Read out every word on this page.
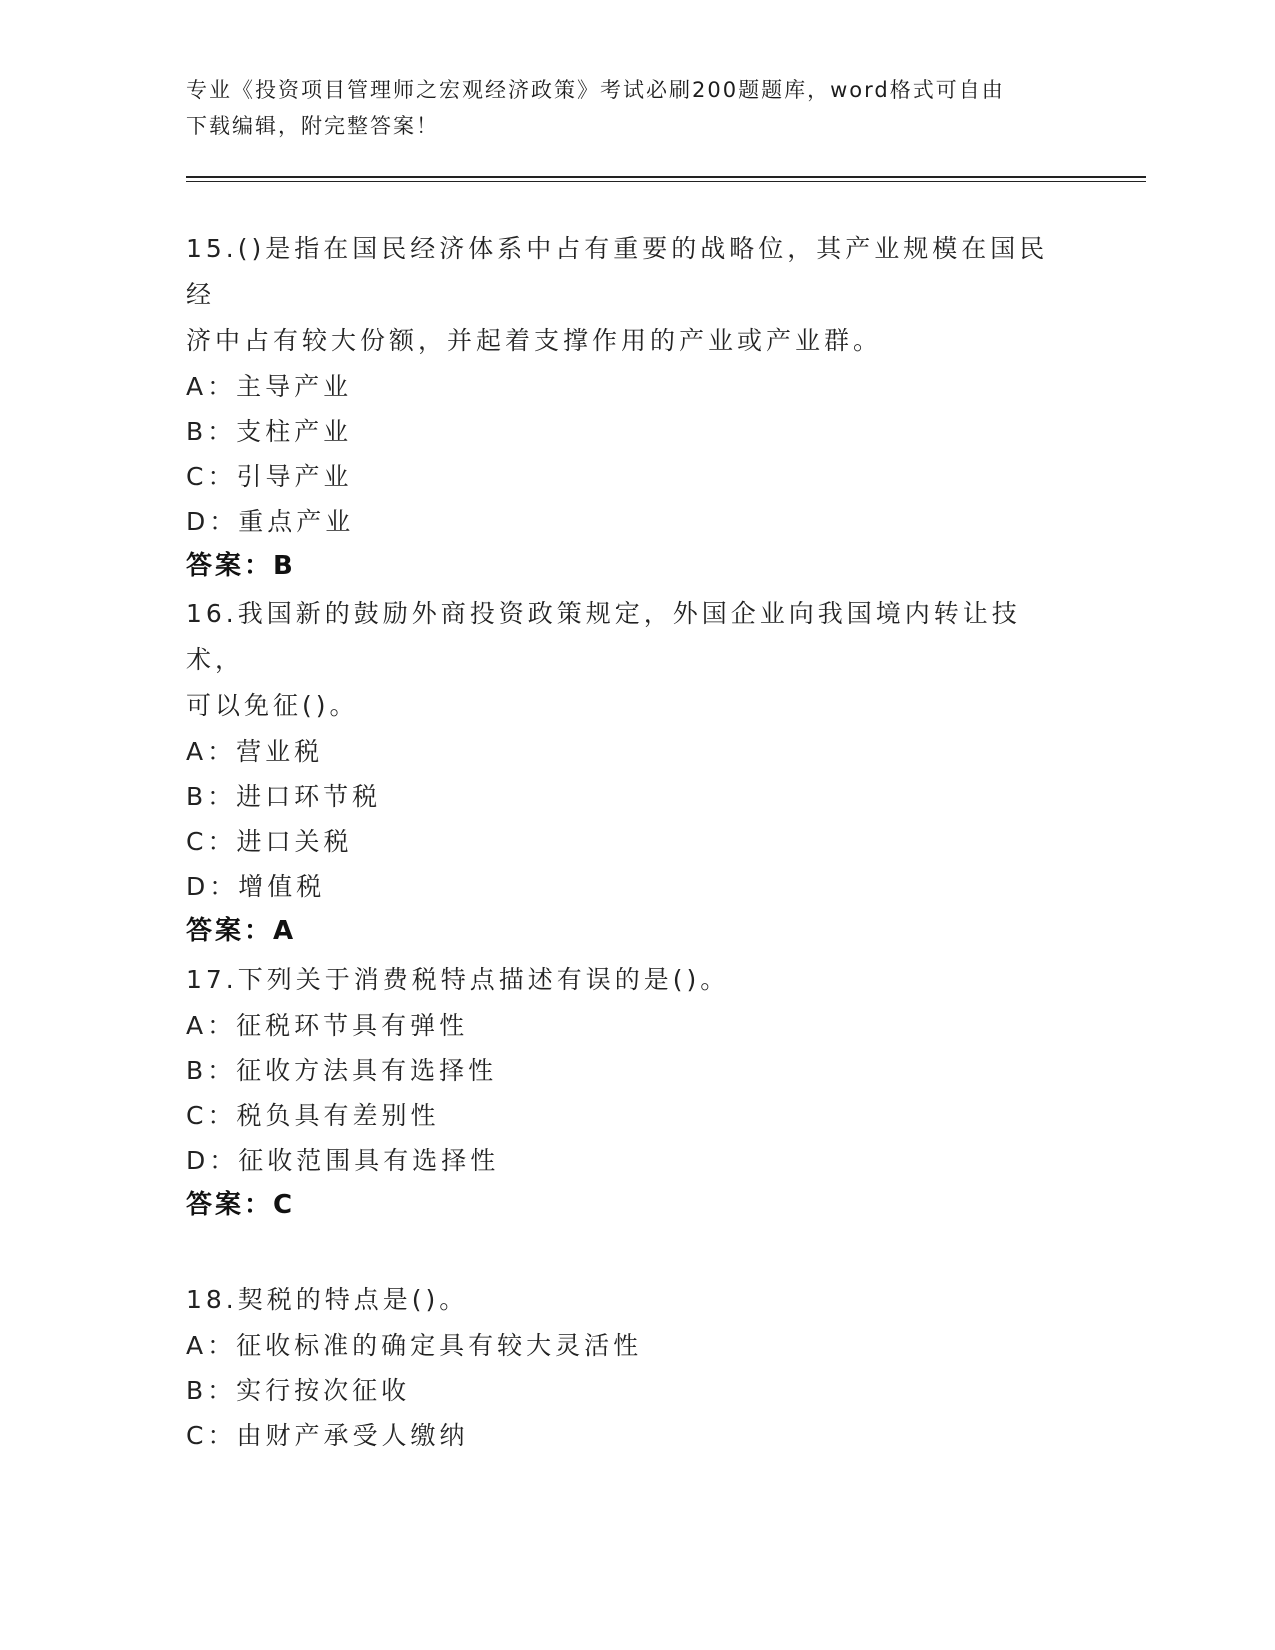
专业《投资项目管理师之宏观经济政策》考试必刷200题题库，word格式可自由
下载编辑，附完整答案！

15.()是指在国民经济体系中占有重要的战略位，其产业规模在国民经

济中占有较大份额，并起着支撑作用的产业或产业群。

A：主导产业

B：支柱产业

C：引导产业

D：重点产业

答案：B

16.我国新的鼓励外商投资政策规定，外国企业向我国境内转让技术，

可以免征()。

A：营业税

B：进口环节税

C：进口关税

D：增值税

答案：A

17.下列关于消费税特点描述有误的是()。

A：征税环节具有弹性

B：征收方法具有选择性

C：税负具有差别性

D：征收范围具有选择性

答案：C

18.契税的特点是()。

A：征收标准的确定具有较大灵活性

B：实行按次征收

C：由财产承受人缴纳
